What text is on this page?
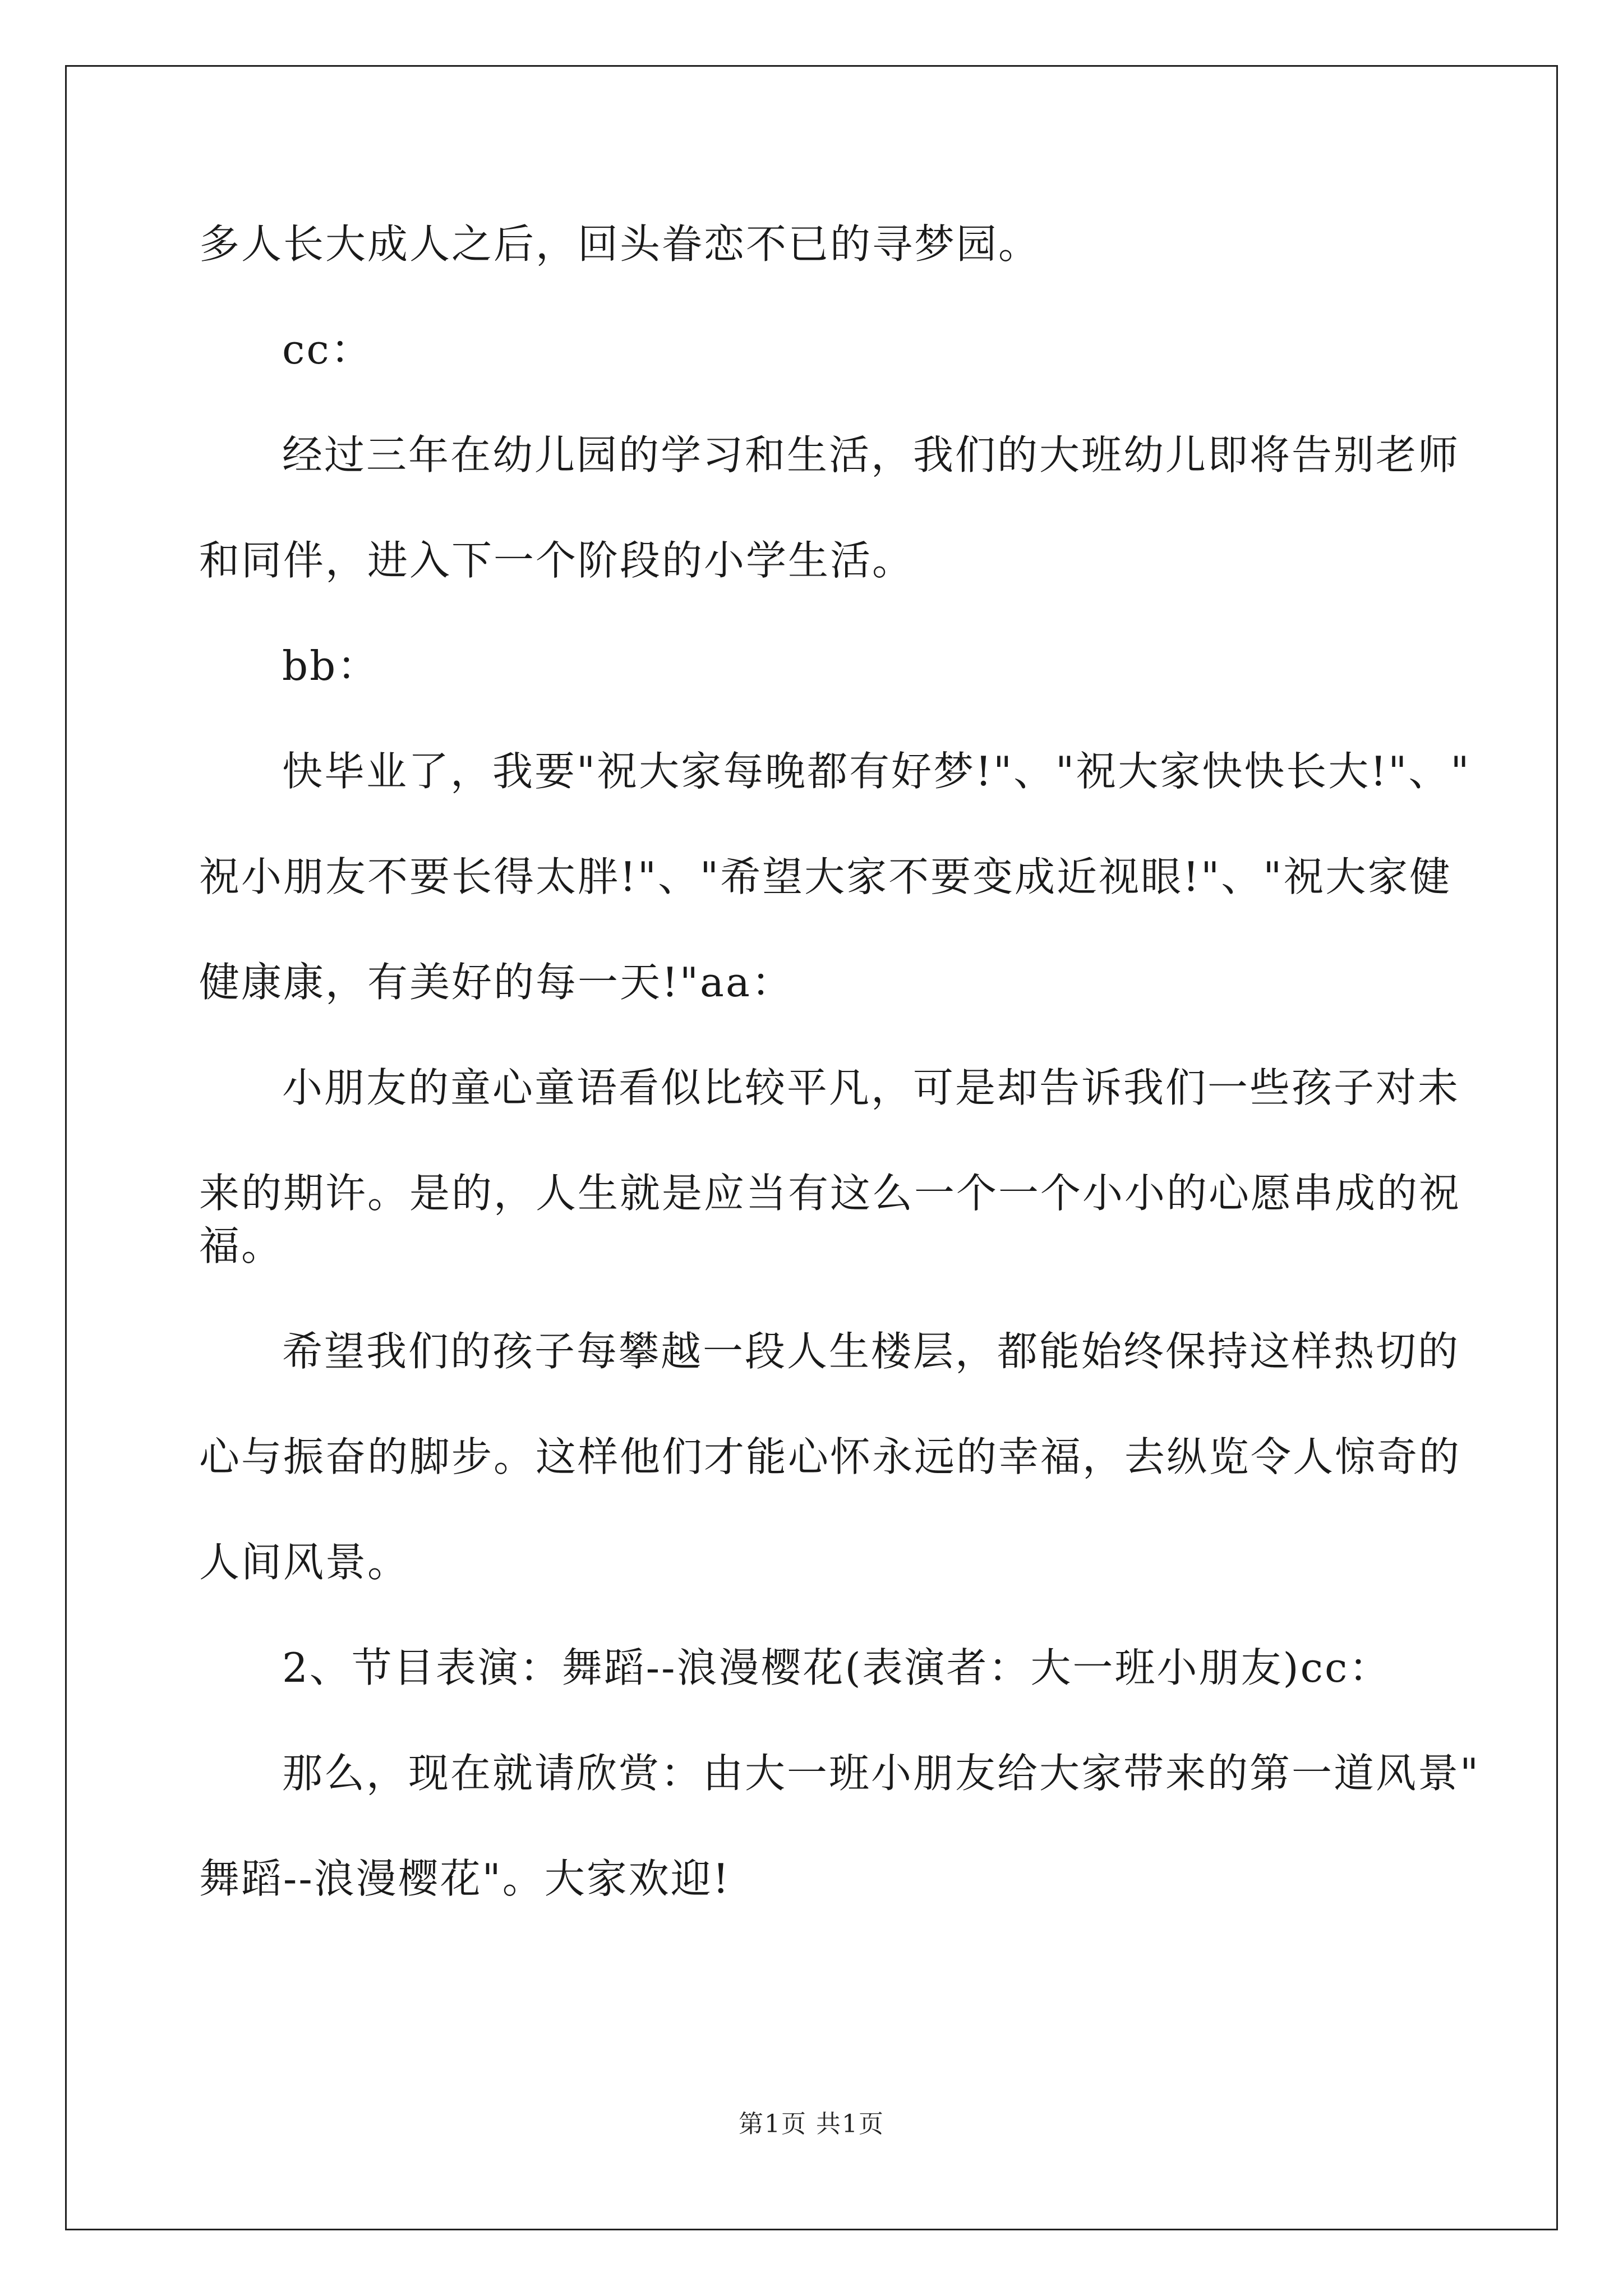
多人长大成人之后，回头眷恋不已的寻梦园。
cc：
经过三年在幼儿园的学习和生活，我们的大班幼儿即将告别老师
和同伴，进入下一个阶段的小学生活。
bb：
快毕业了，我要"祝大家每晚都有好梦!"、"祝大家快快长大!"、"
祝小朋友不要长得太胖!"、"希望大家不要变成近视眼!"、"祝大家健
健康康，有美好的每一天!"aa：
小朋友的童心童语看似比较平凡，可是却告诉我们一些孩子对未
来的期许。是的，人生就是应当有这么一个一个小小的心愿串成的祝
福。
希望我们的孩子每攀越一段人生楼层，都能始终保持这样热切的
心与振奋的脚步。这样他们才能心怀永远的幸福，去纵览令人惊奇的
人间风景。
2、节目表演：舞蹈--浪漫樱花(表演者：大一班小朋友)cc：
那么，现在就请欣赏：由大一班小朋友给大家带来的第一道风景"
舞蹈--浪漫樱花"。大家欢迎!
第1页 共1页
